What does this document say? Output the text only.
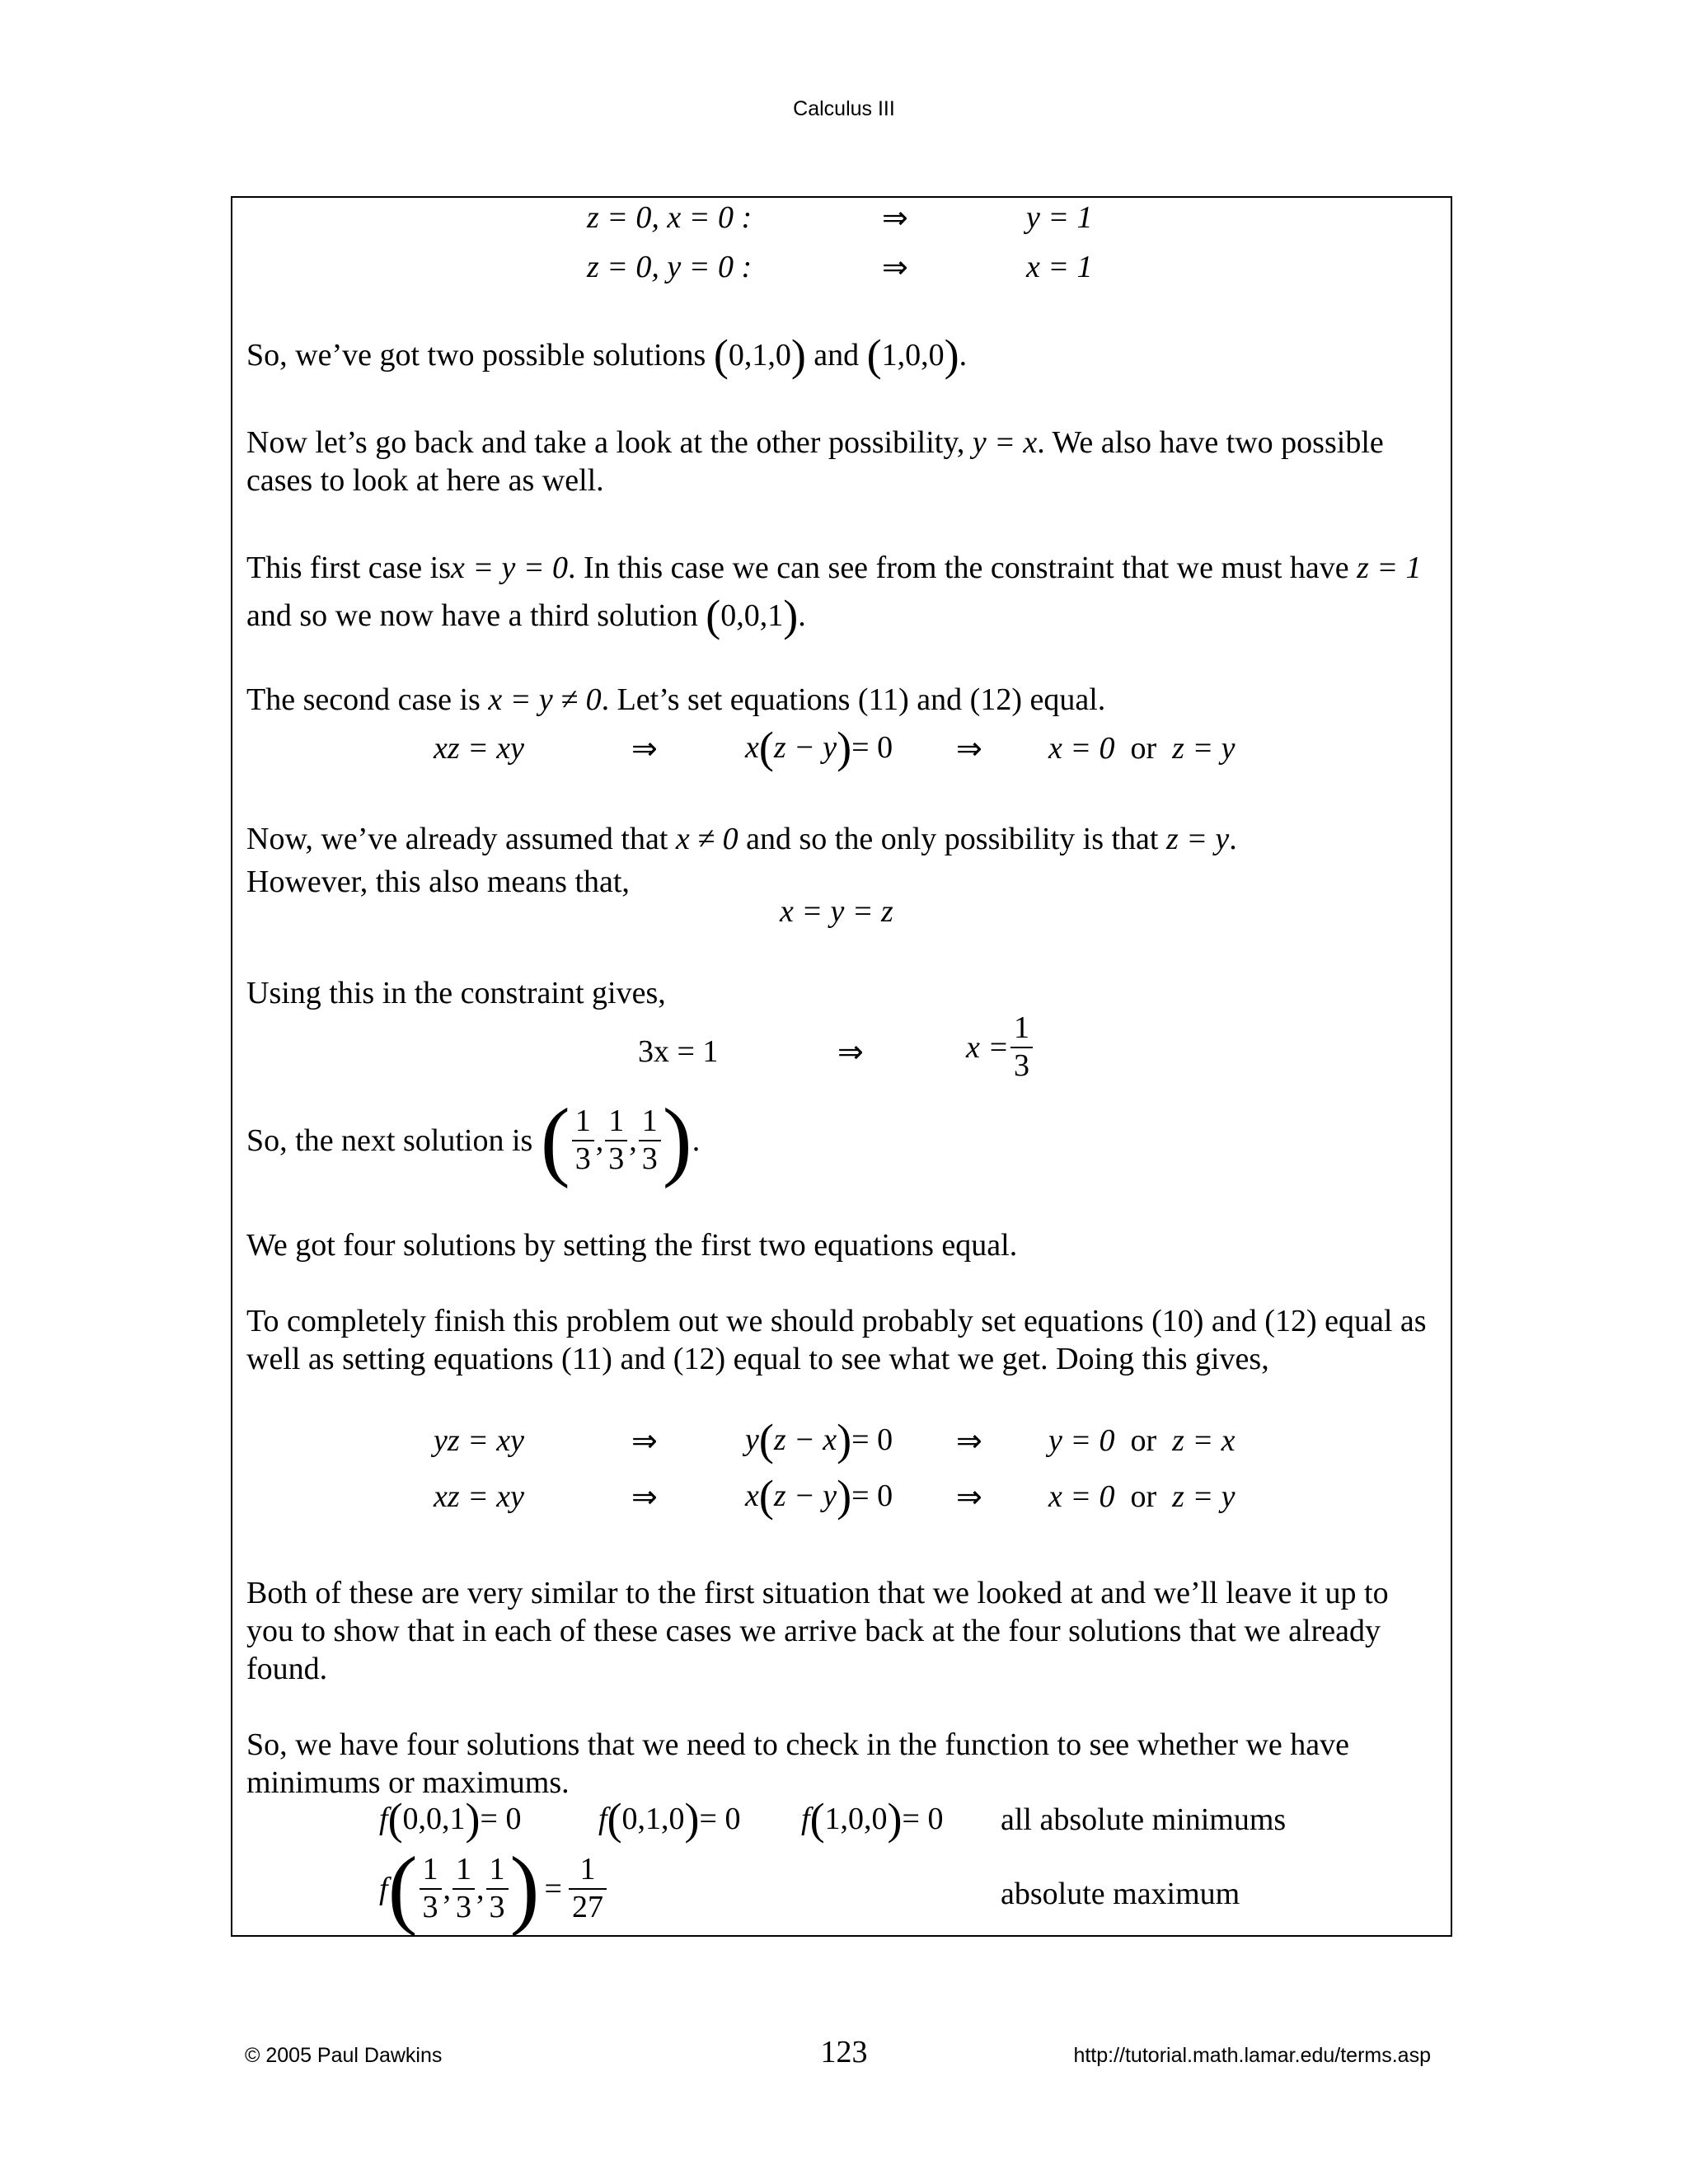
Calculus III
z = 0, x = 0 :	⇒	y = 1
z = 0, y = 0 :	⇒	x = 1
So, we’ve got two possible solutions (0,1,0) and (1,0,0).
Now let’s go back and take a look at the other possibility, y = x. We also have two possible cases to look at here as well.
This first case isx = y = 0. In this case we can see from the constraint that we must have z = 1 and so we now have a third solution (0,0,1).
The second case is x = y ≠ 0. Let’s set equations (11) and (12) equal.
xz = xy	⇒	x(z − y)= 0 ⇒ x = 0 or z = y
Now, we’ve already assumed that x ≠ 0 and so the only possibility is that z = y.
However, this also means that,
x = y = z
Using this in the constraint gives,
3x = 1	⇒	$x = \frac{1}{3}$
So, the next solution is
( $\frac{1}{3}$ , $\frac{1}{3}$ , $\frac{1}{3}$ ) .
We got four solutions by setting the first two equations equal.
To completely finish this problem out we should probably set equations (10) and (12) equal as well as setting equations (11) and (12) equal to see what we get. Doing this gives,
yz = xy	⇒	y(z − x)= 0 ⇒ y = 0 or z = x
xz = xy	⇒	x(z − y)= 0 ⇒ x = 0 or z = y
Both of these are very similar to the first situation that we looked at and we’ll leave it up to you to show that in each of these cases we arrive back at the four solutions that we already found.
So, we have four solutions that we need to check in the function to see whether we have minimums or maximums.
f(0,0,1)= 0 f(0,1,0)= 0 f(1,0,0)= 0 all absolute minimums
f ( $\frac{1}{3}$ , $\frac{1}{3}$ , $\frac{1}{3}$ ) = $\frac{1}{27}$	absolute maximum
© 2005 Paul Dawkins	123	http://tutorial.math.lamar.edu/terms.asp
